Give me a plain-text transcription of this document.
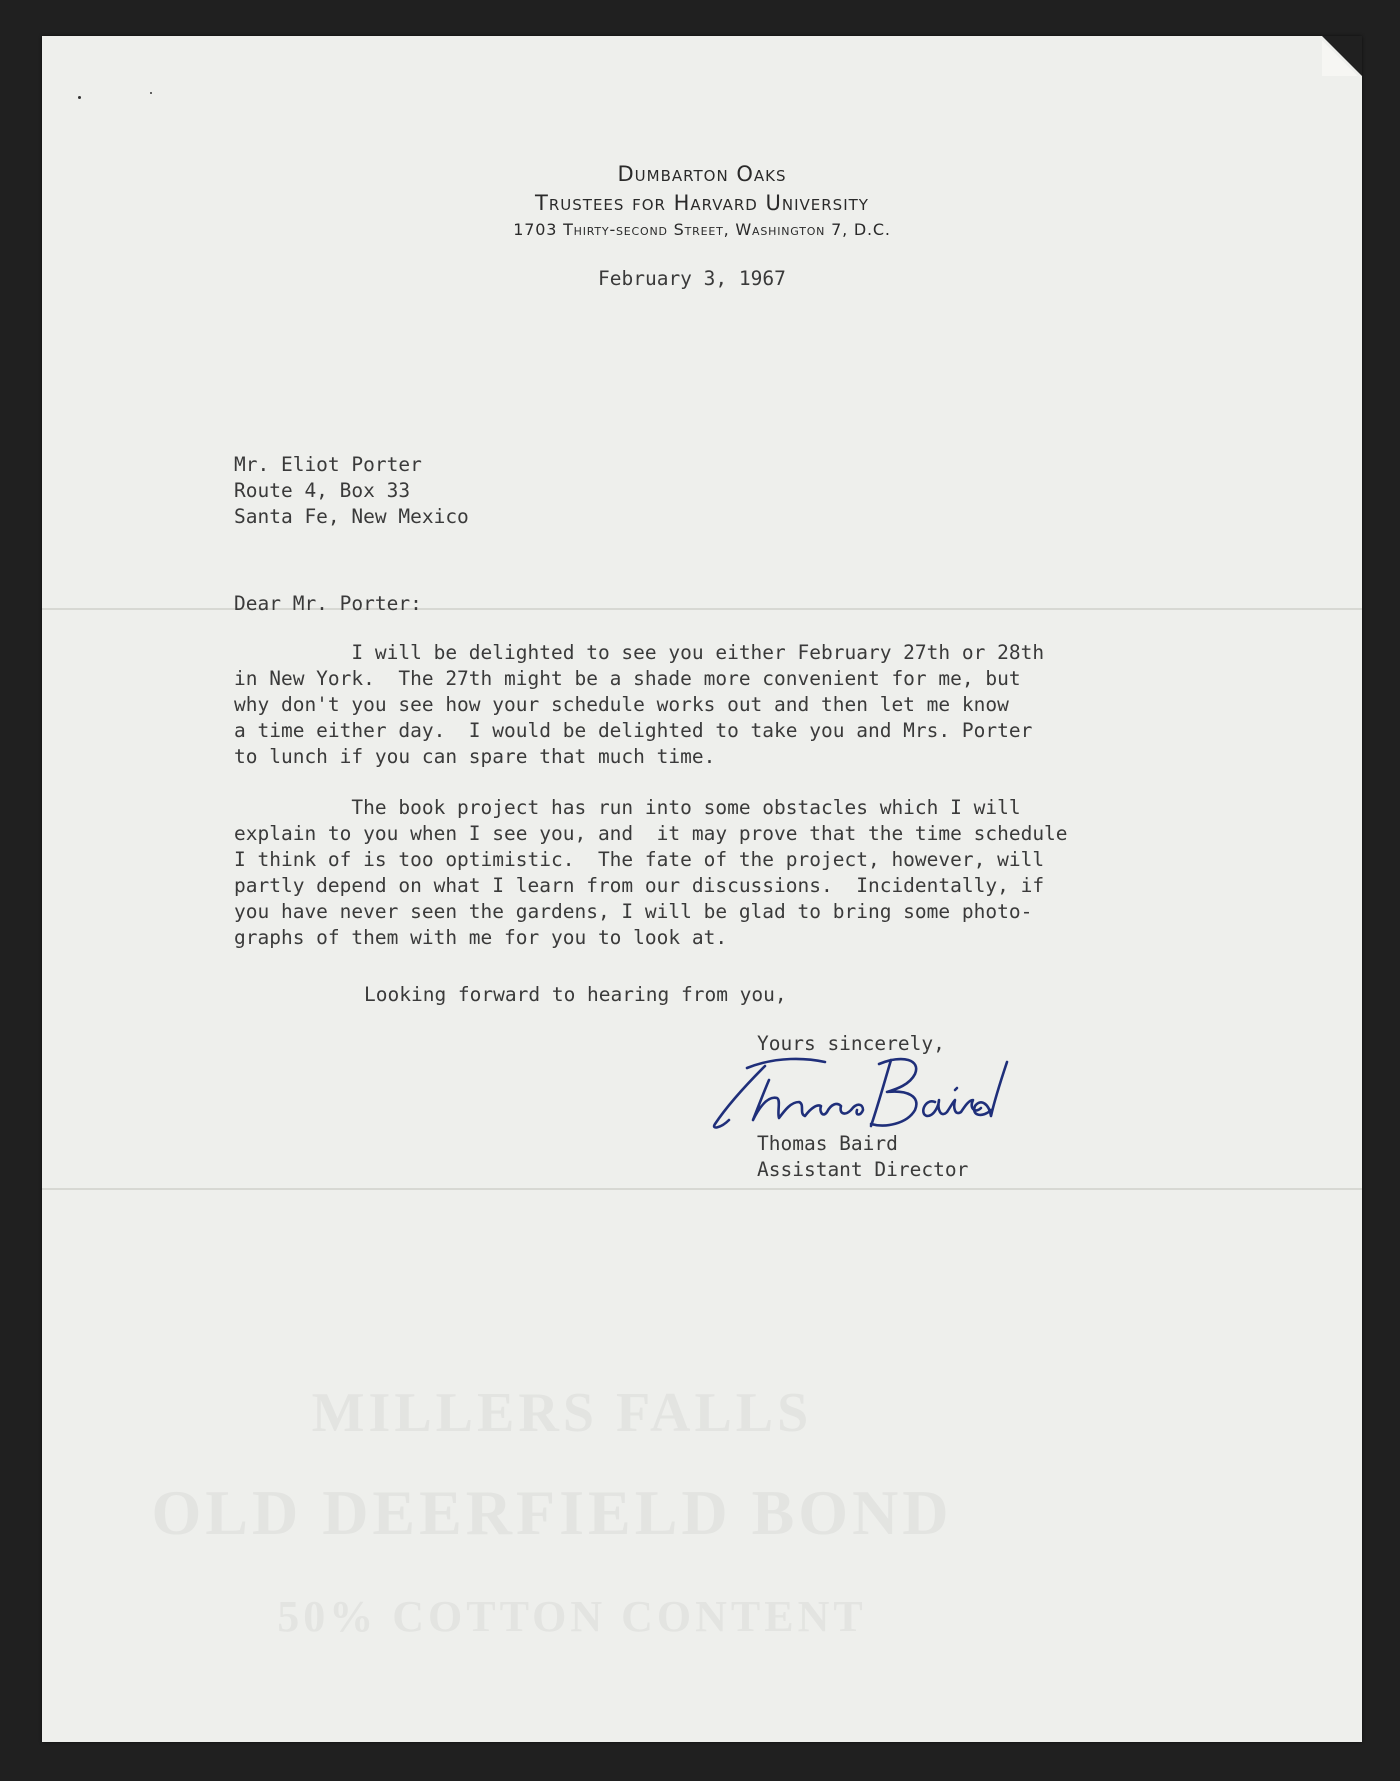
MILLERS FALLS
OLD DEERFIELD BOND
50% COTTON CONTENT
Dumbarton Oaks
Trustees for Harvard University
1703 Thirty-second Street, Washington 7, D.C.
February 3, 1967
Mr. Eliot Porter
Route 4, Box 33
Santa Fe, New Mexico
Dear Mr. Porter:
I will be delighted to see you either February 27th or 28th
in New York.  The 27th might be a shade more convenient for me, but
why don't you see how your schedule works out and then let me know
a time either day.  I would be delighted to take you and Mrs. Porter
to lunch if you can spare that much time.
The book project has run into some obstacles which I will
explain to you when I see you, and  it may prove that the time schedule
I think of is too optimistic.  The fate of the project, however, will
partly depend on what I learn from our discussions.  Incidentally, if
you have never seen the gardens, I will be glad to bring some photo-
graphs of them with me for you to look at.
Looking forward to hearing from you,
Yours sincerely,
Thomas Baird
Assistant Director
